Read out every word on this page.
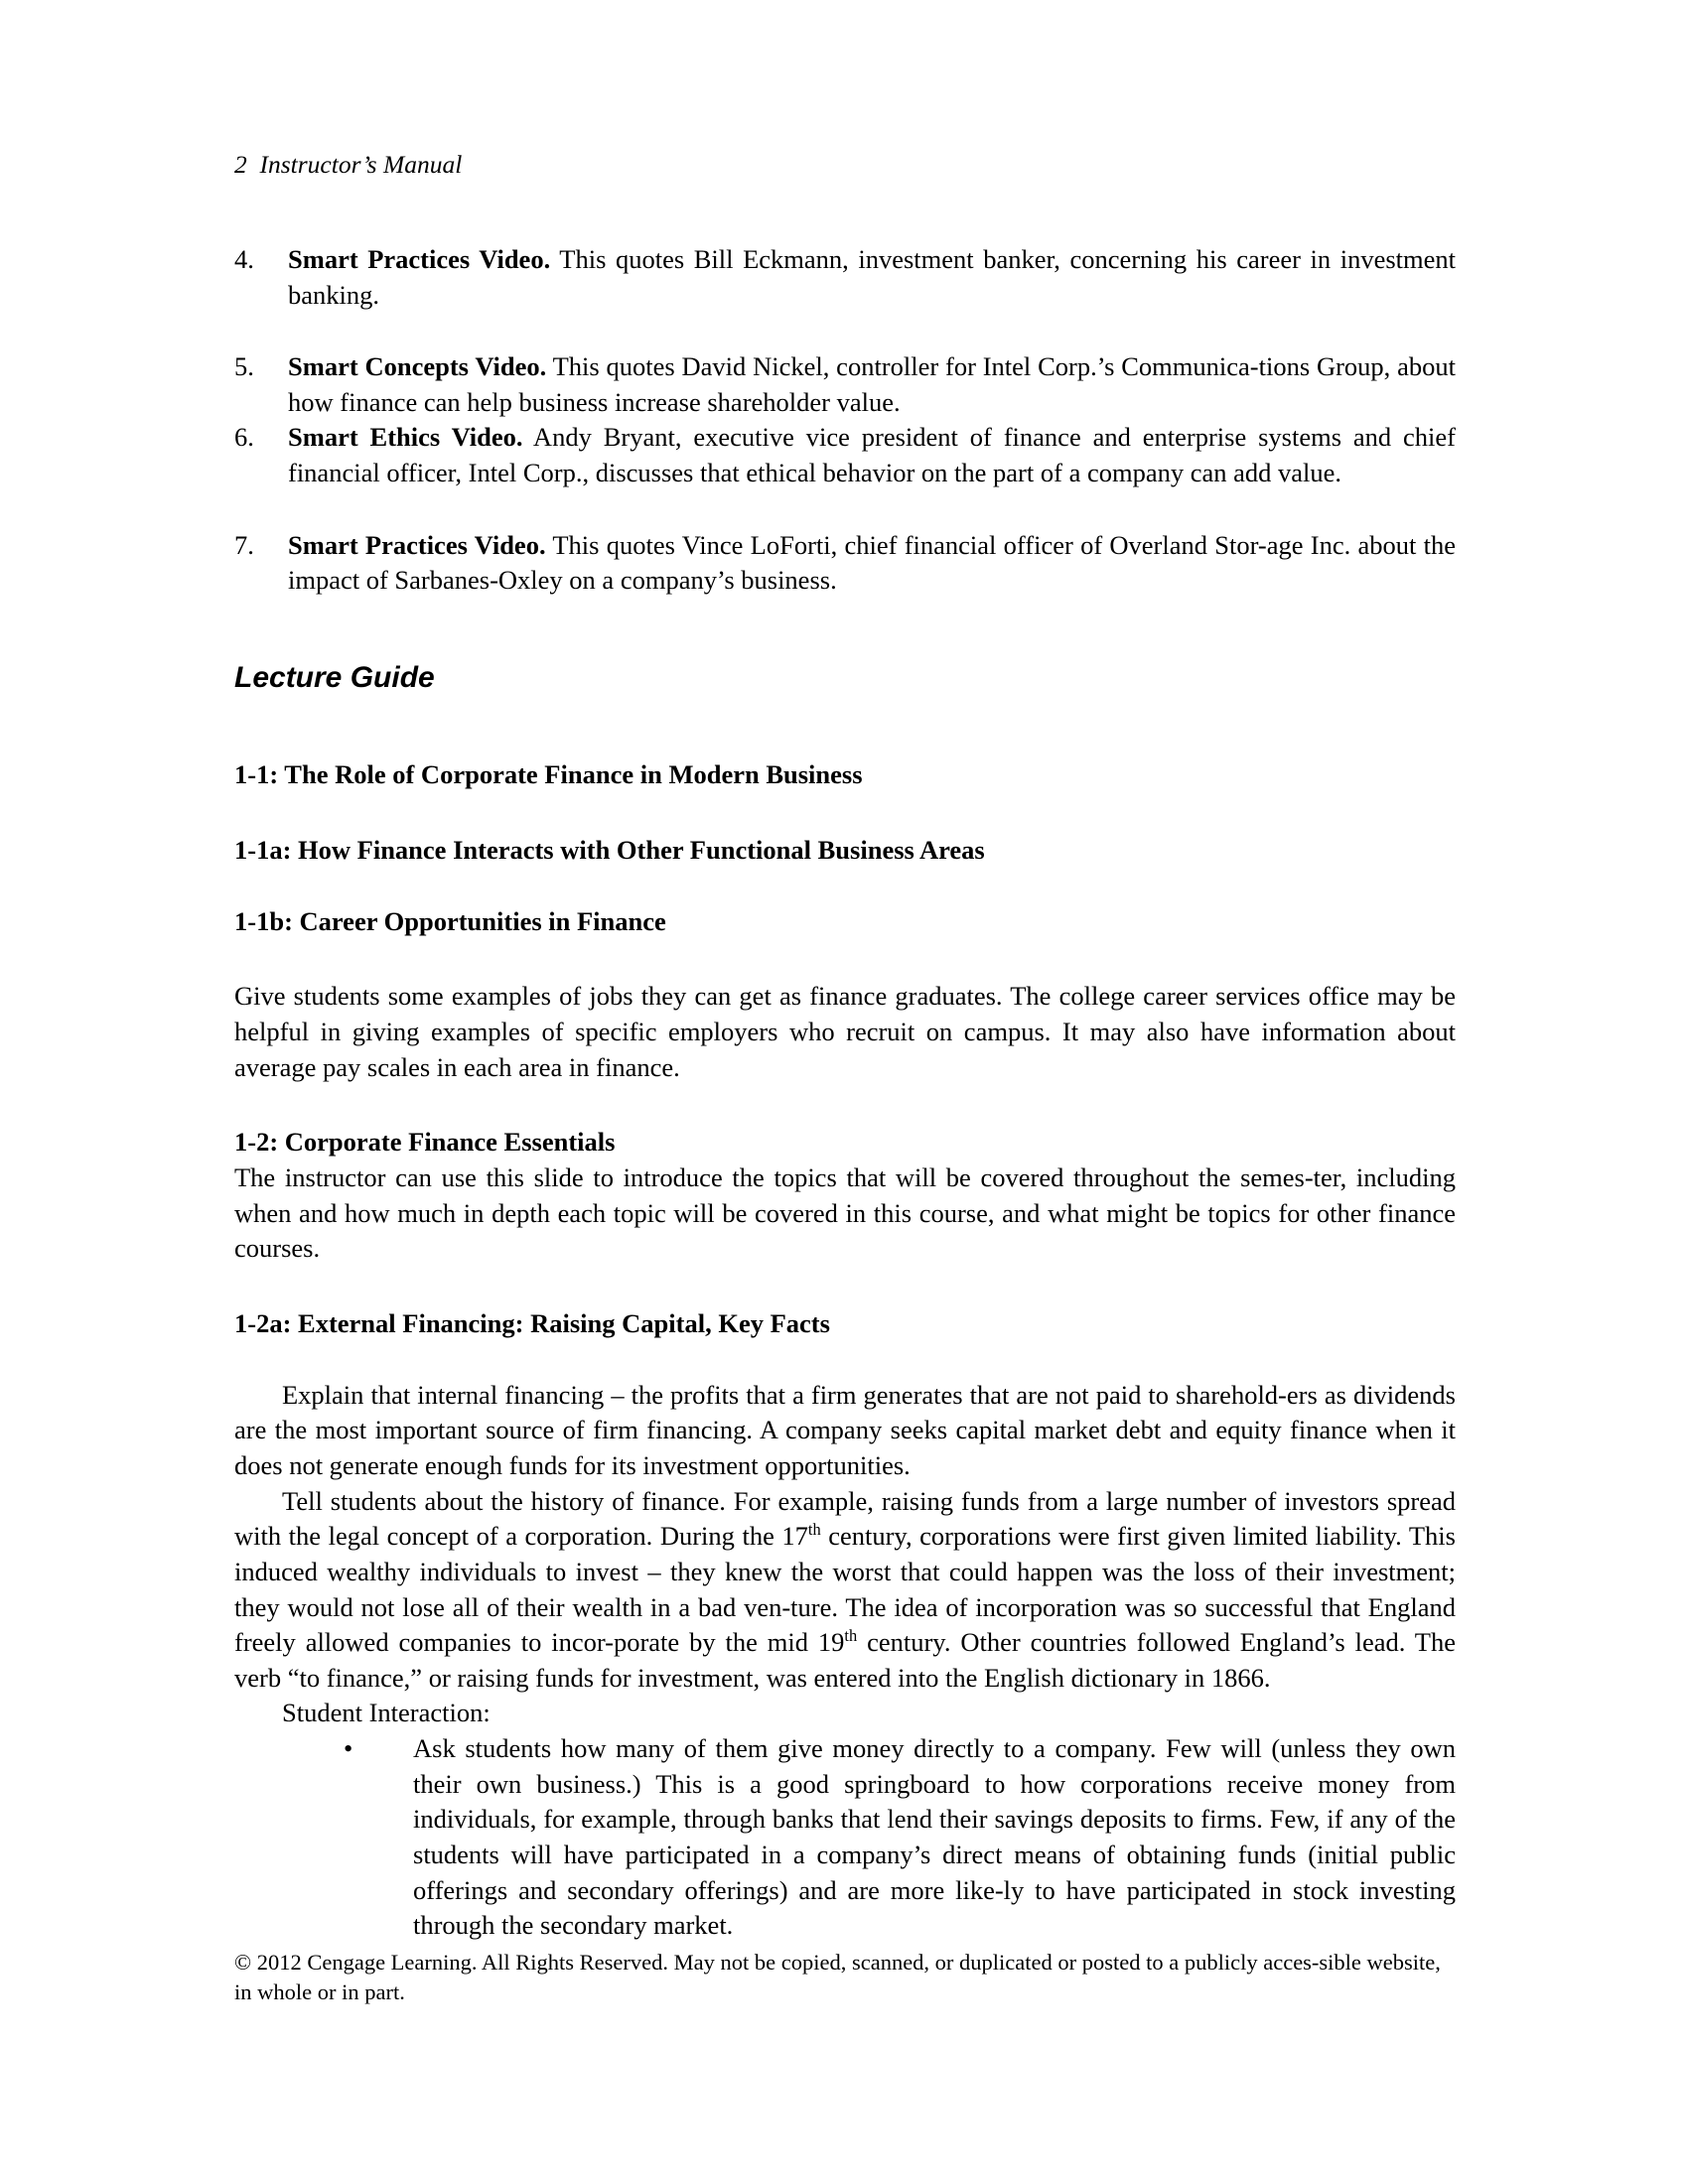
2 Instructor’s Manual
4.	Smart Practices Video. This quotes Bill Eckmann, investment banker, concerning his career in investment banking.
5.	Smart Concepts Video. This quotes David Nickel, controller for Intel Corp.’s Communica-tions Group, about how finance can help business increase shareholder value.
6.	Smart Ethics Video. Andy Bryant, executive vice president of finance and enterprise systems and chief financial officer, Intel Corp., discusses that ethical behavior on the part of a company can add value.
7.	Smart Practices Video. This quotes Vince LoForti, chief financial officer of Overland Stor-age Inc. about the impact of Sarbanes-Oxley on a company’s business.
Lecture Guide
1-1: The Role of Corporate Finance in Modern Business
1-1a: How Finance Interacts with Other Functional Business Areas
1-1b: Career Opportunities in Finance

Give students some examples of jobs they can get as finance graduates. The college career services office may be helpful in giving examples of specific employers who recruit on campus. It may also have information about average pay scales in each area in finance.

1-2: Corporate Finance Essentials

The instructor can use this slide to introduce the topics that will be covered throughout the semes-ter, including when and how much in depth each topic will be covered in this course, and what might be topics for other finance courses.

1-2a: External Financing: Raising Capital, Key Facts

Explain that internal financing – the profits that a firm generates that are not paid to sharehold-ers as dividends are the most important source of firm financing. A company seeks capital market debt and equity finance when it does not generate enough funds for its investment opportunities.

Tell students about the history of finance. For example, raising funds from a large number of investors spread with the legal concept of a corporation. During the 17th century, corporations were first given limited liability. This induced wealthy individuals to invest – they knew the worst that could happen was the loss of their investment; they would not lose all of their wealth in a bad ven-ture. The idea of incorporation was so successful that England freely allowed companies to incor-porate by the mid 19th century. Other countries followed England’s lead. The verb “to finance,” or raising funds for investment, was entered into the English dictionary in 1866.

Student Interaction:

• Ask students how many of them give money directly to a company. Few will (unless they own their own business.) This is a good springboard to how corporations receive money from individuals, for example, through banks that lend their savings deposits to firms. Few, if any of the students will have participated in a company’s direct means of obtaining funds (initial public offerings and secondary offerings) and are more like-ly to have participated in stock investing through the secondary market.
© 2012 Cengage Learning. All Rights Reserved. May not be copied, scanned, or duplicated or posted to a publicly acces-sible website, in whole or in part.
